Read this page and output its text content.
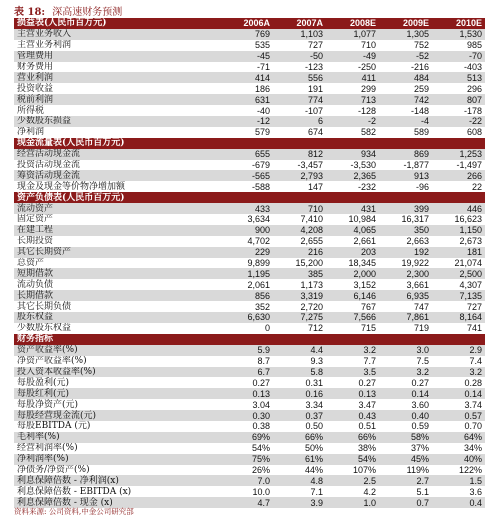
表 18: 深高速财务预测
损益表(人民币百万元)	2006A	2007A	2008E	2009E	2010E
主营业务收入	769	1,103	1,077	1,305	1,530
主营业务利润	535	727	710	752	985
管理费用	-45	-50	-49	-52	-70
财务费用	-71	-123	-250	-216	-403
营业利润	414	556	411	484	513
投资收益	186	191	299	259	296
税前利润	631	774	713	742	807
所得税	-40	-107	-128	-148	-178
少数股东损益	-12	6	-2	-4	-22
净利润	579	674	582	589	608
现金流量表(人民币百万元)					
经营活动现金流	655	812	934	869	1,253
投资活动现金流	-679	-3,457	-3,530	-1,877	-1,497
筹资活动现金流	-565	2,793	2,365	913	266
现金及现金等价物净增加额	-588	147	-232	-96	22
资产负债表(人民币百万元)					
流动资产	433	710	431	399	446
固定资产	3,634	7,410	10,984	16,317	16,623
在建工程	900	4,208	4,065	350	1,150
长期投资	4,702	2,655	2,661	2,663	2,673
其它长期资产	229	216	203	192	181
总资产	9,899	15,200	18,345	19,922	21,074
短期借款	1,195	385	2,000	2,300	2,500
流动负债	2,061	1,173	3,152	3,661	4,307
长期借款	856	3,319	6,146	6,935	7,135
其它长期负债	352	2,720	767	747	727
股东权益	6,630	7,275	7,566	7,861	8,164
少数股东权益	0	712	715	719	741
财务指标					
资产收益率(%)	5.9	4.4	3.2	3.0	2.9
净资产收益率(%)	8.7	9.3	7.7	7.5	7.4
投入资本收益率(%)	6.7	5.8	3.5	3.2	3.2
每股盈利(元)	0.27	0.31	0.27	0.27	0.28
每股红利(元)	0.13	0.16	0.13	0.14	0.14
每股净资产(元)	3.04	3.34	3.47	3.60	3.74
每股经营现金流(元)	0.30	0.37	0.43	0.40	0.57
每股EBITDA (元)	0.38	0.50	0.51	0.59	0.70
毛利率(%)	69%	66%	66%	58%	64%
经营利润率(%)	54%	50%	38%	37%	34%
净利润率(%)	75%	61%	54%	45%	40%
净债务/净资产(%)	26%	44%	107%	119%	122%
利息保障倍数 - 净利润(x)	7.0	4.8	2.5	2.7	1.5
利息保障倍数 - EBITDA (x)	10.0	7.1	4.2	5.1	3.6
利息保障倍数 - 现金 (x)	4.7	3.9	1.0	0.7	0.4
资料来源: 公司资料,中金公司研究部
